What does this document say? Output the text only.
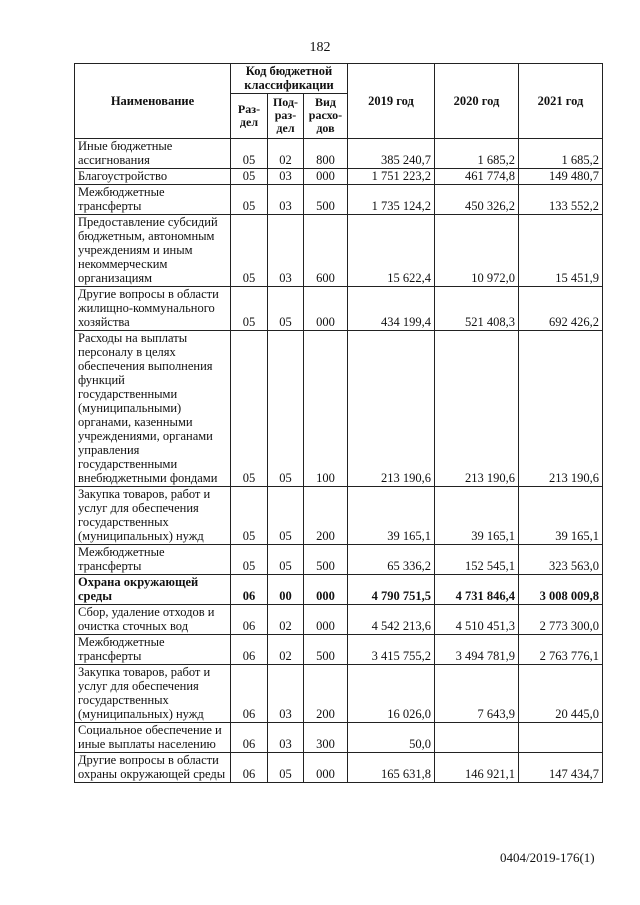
182
Наименование	Код бюджетной классификации			2019 год	2020 год	2021 год
	Раз-дел	Под-раз-дел	Вид расхо-дов			
Иные бюджетные ассигнования	05	02	800	385 240,7	1 685,2	1 685,2
Благоустройство	05	03	000	1 751 223,2	461 774,8	149 480,7
Межбюджетные трансферты	05	03	500	1 735 124,2	450 326,2	133 552,2
Предоставление субсидий бюджетным, автономным учреждениям и иным некоммерческим организациям	05	03	600	15 622,4	10 972,0	15 451,9
Другие вопросы в области жилищно-коммунального хозяйства	05	05	000	434 199,4	521 408,3	692 426,2
Расходы на выплаты персоналу в целях обеспечения выполнения функций государственными (муниципальными) органами, казенными учреждениями, органами управления государственными внебюджетными фондами	05	05	100	213 190,6	213 190,6	213 190,6
Закупка товаров, работ и услуг для обеспечения государственных (муниципальных) нужд	05	05	200	39 165,1	39 165,1	39 165,1
Межбюджетные трансферты	05	05	500	65 336,2	152 545,1	323 563,0
Охрана окружающей среды	06	00	000	4 790 751,5	4 731 846,4	3 008 009,8
Сбор, удаление отходов и очистка сточных вод	06	02	000	4 542 213,6	4 510 451,3	2 773 300,0
Межбюджетные трансферты	06	02	500	3 415 755,2	3 494 781,9	2 763 776,1
Закупка товаров, работ и услуг для обеспечения государственных (муниципальных) нужд	06	03	200	16 026,0	7 643,9	20 445,0
Социальное обеспечение и иные выплаты населению	06	03	300	50,0		
Другие вопросы в области охраны окружающей среды	06	05	000	165 631,8	146 921,1	147 434,7
0404/2019-176(1)
